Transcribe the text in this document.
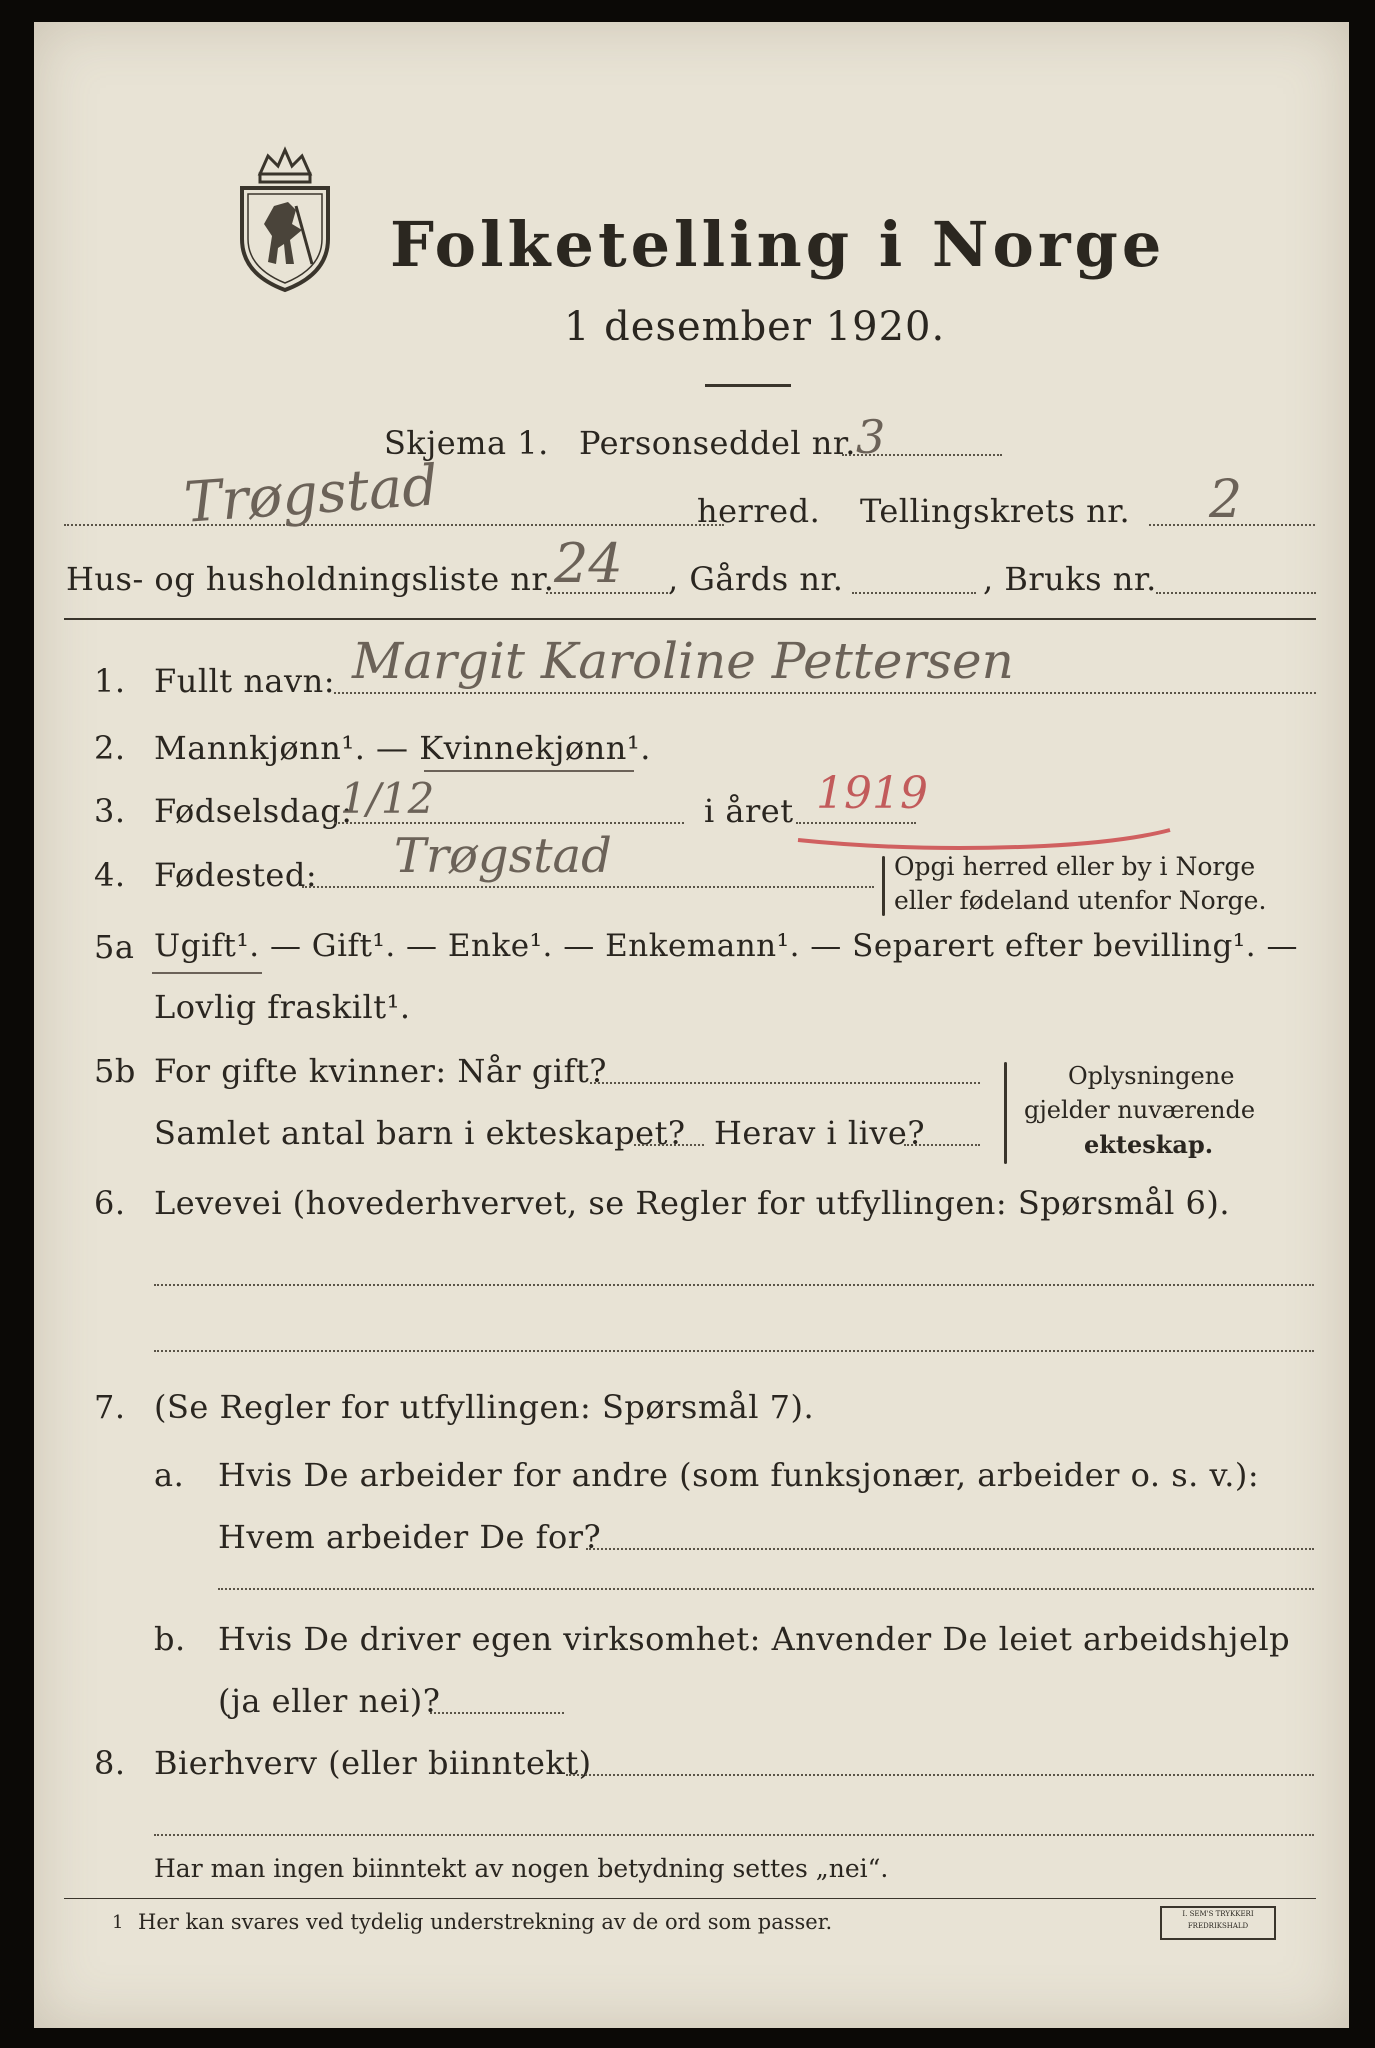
Folketelling i Norge
1 desember 1920.
Skjema 1. Personseddel nr. 3
Trøgstad	herred. Tellingskrets nr. 2
Hus- og husholdningsliste nr. 24 , Gårds nr.	, Bruks nr.
1. Fullt navn: Margit Karoline Pettersen
2. Mannkjønn¹. — Kvinnekjønn¹.
3. Fødselsdag:
1/12	i året 1919
4. Fødested: Trøgstad	Opgi herred eller by i Norge
eller fødeland utenfor Norge.
5a Ugift¹. — Gift¹. — Enke¹. — Enkemann¹. — Separert efter bevilling¹. —
Lovlig fraskilt¹.
5b For gifte kvinner: Når gift?
Samlet antal barn i ekteskapet? Herav i live?
Oplysningene
gjelder nuværende
ekteskap.
6. Levevei (hovederhvervet, se Regler for utfyllingen: Spørsmål 6).
7. (Se Regler for utfyllingen: Spørsmål 7).
a. Hvis De arbeider for andre (som funksjonær, arbeider o. s. v.):
Hvem arbeider De for?
b. Hvis De driver egen virksomhet: Anvender De leiet arbeidshjelp
(ja eller nei)?
8. Bierhverv (eller biinntekt)
Har man ingen biinntekt av nogen betydning settes „nei“.
1 Her kan svares ved tydelig understrekning av de ord som passer.	I. SEM'S TRYKKERI
FREDRIKSHALD
